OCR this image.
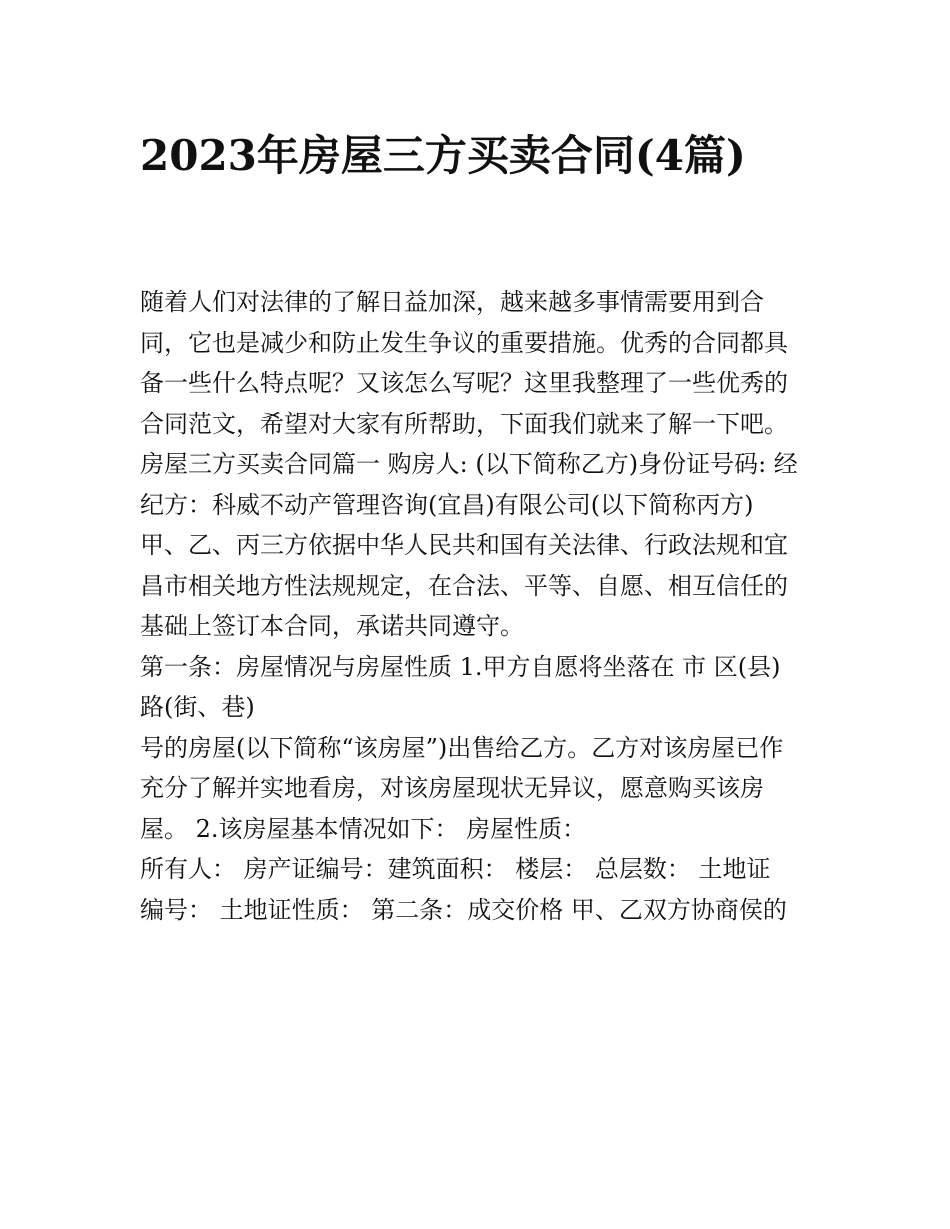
2023年房屋三方买卖合同(4篇)

随着人们对法律的了解日益加深，越来越多事情需要用到合
同，它也是减少和防止发生争议的重要措施。优秀的合同都具
备一些什么特点呢？又该怎么写呢？这里我整理了一些优秀的
合同范文，希望对大家有所帮助，下面我们就来了解一下吧。

房屋三方买卖合同篇一 购房人: (以下简称乙方)身份证号码: 经
纪方：科威不动产管理咨询(宜昌)有限公司(以下简称丙方)

甲、乙、丙三方依据中华人民共和国有关法律、行政法规和宜
昌市相关地方性法规规定，在合法、平等、自愿、相互信任的
基础上签订本合同，承诺共同遵守。

第一条：房屋情况与房屋性质 1.甲方自愿将坐落在 市 区(县)
路(街、巷)

号的房屋(以下简称“该房屋”)出售给乙方。乙方对该房屋已作
充分了解并实地看房，对该房屋现状无异议，愿意购买该房
屋。 2.该房屋基本情况如下： 房屋性质：

所有人： 房产证编号：建筑面积： 楼层： 总层数： 土地证
编号： 土地证性质： 第二条：成交价格 甲、乙双方协商侯的
